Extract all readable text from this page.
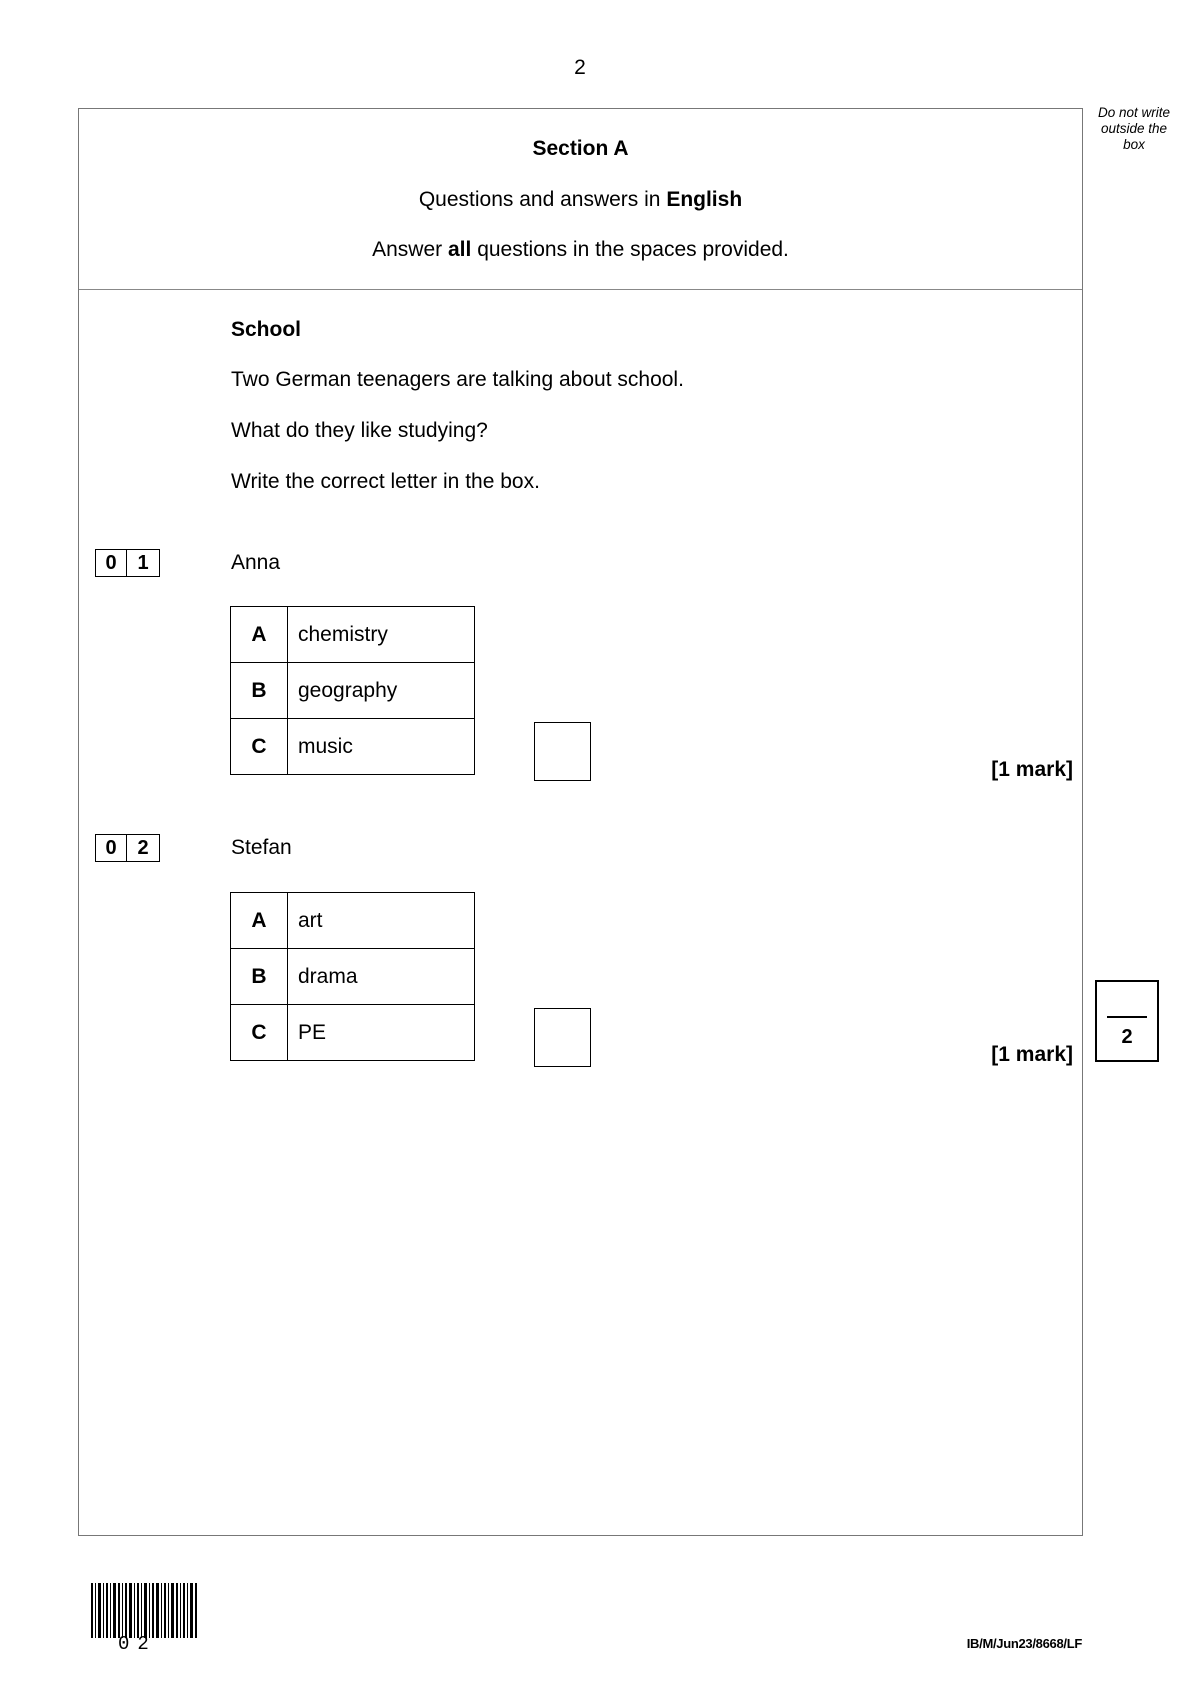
2
Do not write outside the box
Section A
Questions and answers in English
Answer all questions in the spaces provided.
School
Two German teenagers are talking about school.
What do they like studying?
Write the correct letter in the box.
0	1	Anna
A	chemistry
B	geography
C	music
[1 mark]
0	2	Stefan
A	art
B	drama
C	PE
[1 mark]
2
02	IB/M/Jun23/8668/LF
